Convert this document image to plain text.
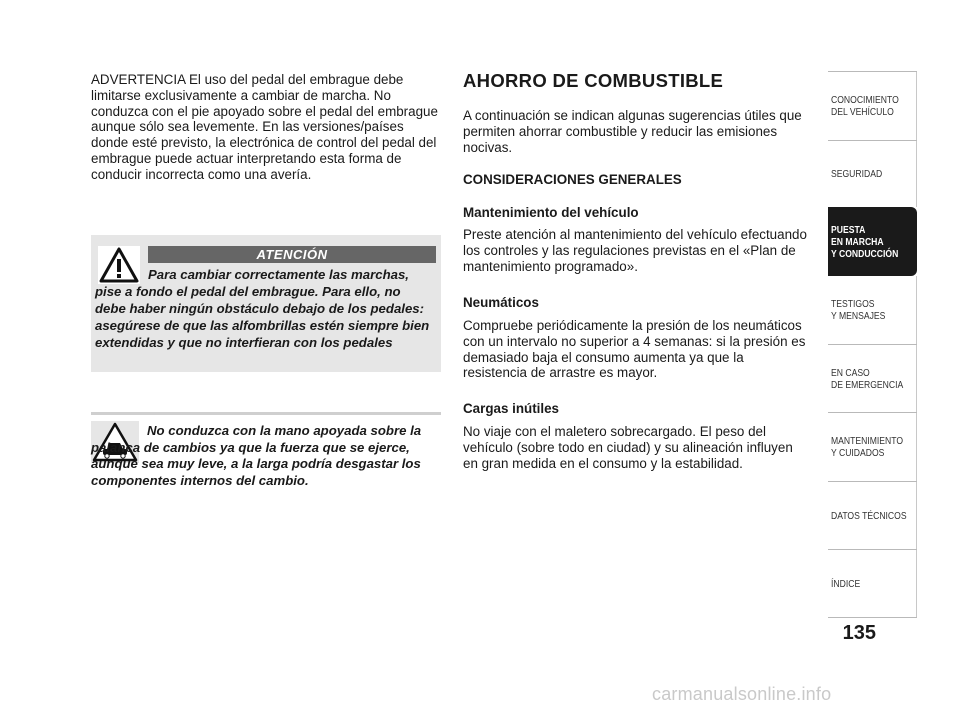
ADVERTENCIA El uso del pedal del embrague debe limitarse exclusivamente a cambiar de marcha. No conduzca con el pie apoyado sobre el pedal del embrague aunque sólo sea levemente. En las versiones/países donde esté previsto, la electrónica de control del pedal del embrague puede actuar interpretando esta forma de conducir incorrecta como una avería.
ATENCIÓN
Para cambiar correctamente las marchas, pise a fondo el pedal del embrague. Para ello, no debe haber ningún obstáculo debajo de los pedales: asegúrese de que las alfombrillas estén siempre bien extendidas y que no interfieran con los pedales
No conduzca con la mano apoyada sobre la palanca de cambios ya que la fuerza que se ejerce, aunque sea muy leve, a la larga podría desgastar los componentes internos del cambio.
AHORRO DE COMBUSTIBLE
A continuación se indican algunas sugerencias útiles que permiten ahorrar combustible y reducir las emisiones nocivas.
CONSIDERACIONES GENERALES
Mantenimiento del vehículo
Preste atención al mantenimiento del vehículo efectuando los controles y las regulaciones previstas en el «Plan de mantenimiento programado».
Neumáticos
Compruebe periódicamente la presión de los neumáticos con un intervalo no superior a 4 semanas: si la presión es demasiado baja el consumo aumenta ya que la resistencia de arrastre es mayor.
Cargas inútiles
No viaje con el maletero sobrecargado. El peso del vehículo (sobre todo en ciudad) y su alineación influyen en gran medida en el consumo y la estabilidad.
CONOCIMIENTO
DEL VEHÍCULO
SEGURIDAD
PUESTA
EN MARCHA
Y CONDUCCIÓN
TESTIGOS
Y MENSAJES
EN CASO
DE EMERGENCIA
MANTENIMIENTO
Y CUIDADOS
DATOS TÉCNICOS
ÍNDICE
135
carmanualsonline.info
